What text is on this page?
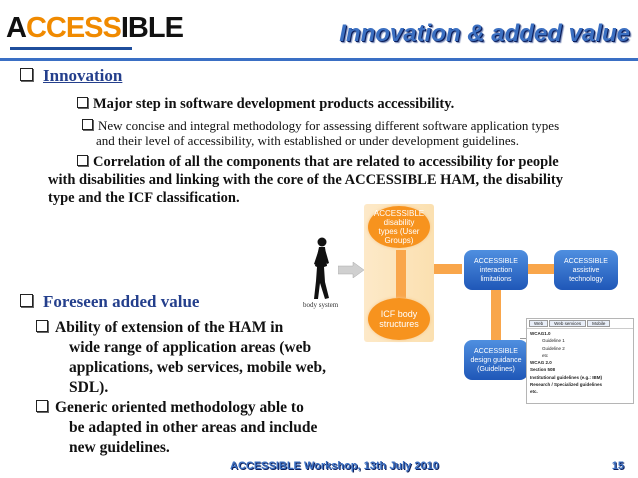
ACCESSIBLE	Innovation & added value
Innovation
Major step in software development products accessibility.
New concise and integral methodology for assessing different software application types
and their level of accessibility, with established or under development guidelines.
Correlation of all the components that are related to accessibility for people
with disabilities and linking with the core of the ACCESSIBLE HAM, the disability
type and the ICF classification.
Foreseen added value
Ability of extension of the HAM in
wide range of application areas (web
applications, web services, mobile web,
SDL).
Generic oriented methodology able to
be adapted in other areas and include
new guidelines.
body system
ACCESSIBLE disability types (User Groups)
ICF body structures
ACCESSIBLE interaction limitations
ACCESSIBLE assistive technology
ACCESSIBLE design guidance (Guidelines)
Web Web services Mobile
WCAG1.0
Guideline 1
Guideline 2
etc
WCAG 2.0
Section 508
Institutional guidelines (e.g.: IBM)
Research / Specialized guidelines
etc.
ACCESSIBLE Workshop, 13th July 2010	15
